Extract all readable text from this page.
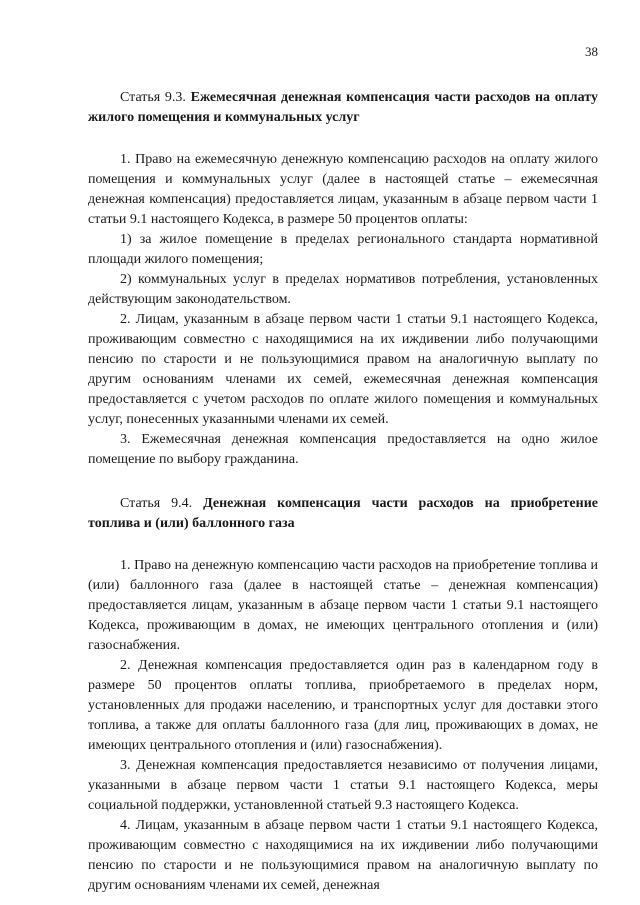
38

Статья 9.3. Ежемесячная денежная компенсация части расходов на оплату жилого помещения и коммунальных услуг

1. Право на ежемесячную денежную компенсацию расходов на оплату жилого помещения и коммунальных услуг (далее в настоящей статье – ежемесячная денежная компенсация) предоставляется лицам, указанным в абзаце первом части 1 статьи 9.1 настоящего Кодекса, в размере 50 процентов оплаты:

1) за жилое помещение в пределах регионального стандарта нормативной площади жилого помещения;

2) коммунальных услуг в пределах нормативов потребления, установленных действующим законодательством.

2. Лицам, указанным в абзаце первом части 1 статьи 9.1 настоящего Кодекса, проживающим совместно с находящимися на их иждивении либо получающими пенсию по старости и не пользующимися правом на аналогичную выплату по другим основаниям членами их семей, ежемесячная денежная компенсация предоставляется с учетом расходов по оплате жилого помещения и коммунальных услуг, понесенных указанными членами их семей.

3. Ежемесячная денежная компенсация предоставляется на одно жилое помещение по выбору гражданина.

Статья 9.4. Денежная компенсация части расходов на приобретение топлива и (или) баллонного газа

1. Право на денежную компенсацию части расходов на приобретение топлива и (или) баллонного газа (далее в настоящей статье – денежная компенсация) предоставляется лицам, указанным в абзаце первом части 1 статьи 9.1 настоящего Кодекса, проживающим в домах, не имеющих центрального отопления и (или) газоснабжения.

2. Денежная компенсация предоставляется один раз в календарном году в размере 50 процентов оплаты топлива, приобретаемого в пределах норм, установленных для продажи населению, и транспортных услуг для доставки этого топлива, а также для оплаты баллонного газа (для лиц, проживающих в домах, не имеющих центрального отопления и (или) газоснабжения).

3. Денежная компенсация предоставляется независимо от получения лицами, указанными в абзаце первом части 1 статьи 9.1 настоящего Кодекса, меры социальной поддержки, установленной статьей 9.3 настоящего Кодекса.

4. Лицам, указанным в абзаце первом части 1 статьи 9.1 настоящего Кодекса, проживающим совместно с находящимися на их иждивении либо получающими пенсию по старости и не пользующимися правом на аналогичную выплату по другим основаниям членами их семей, денежная
